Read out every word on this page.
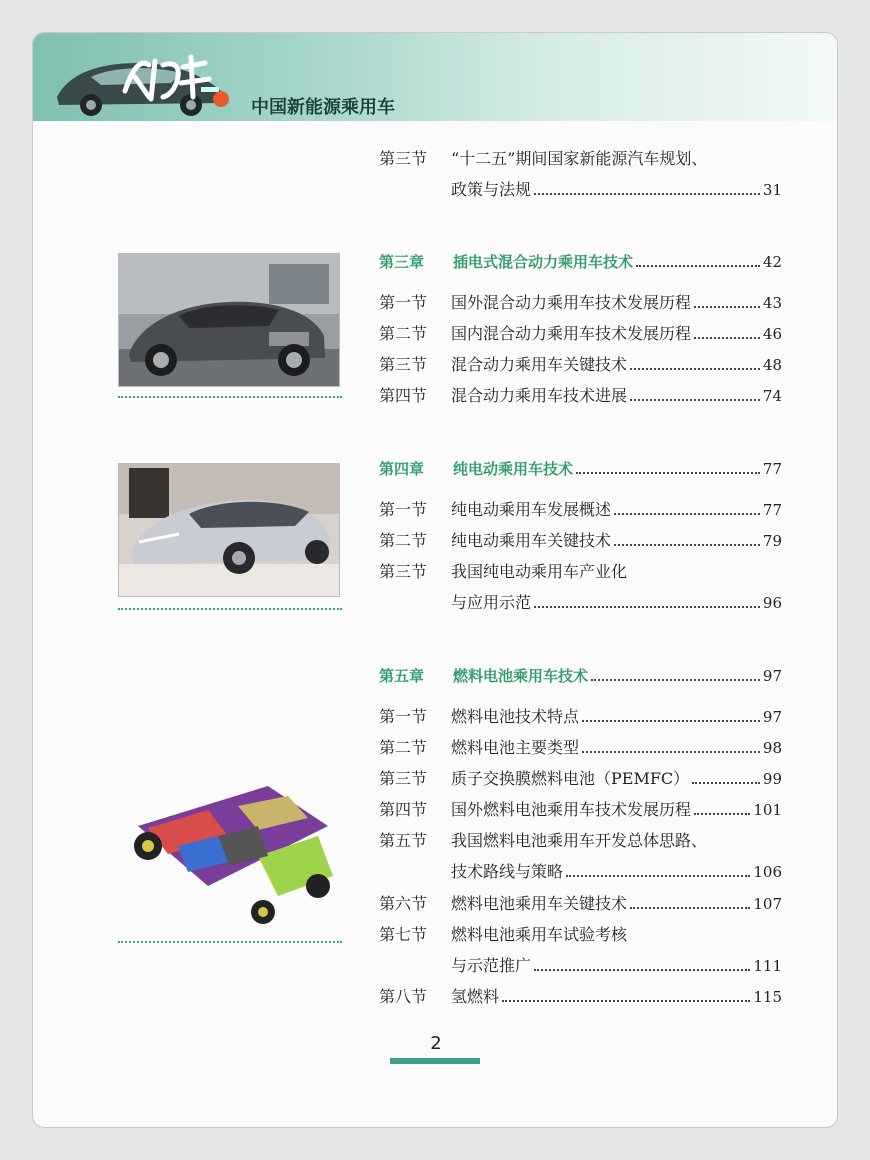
中国新能源乘用车
第三节	“十二五”期间国家新能源汽车规划、
政策与法规	31
第三章	插电式混合动力乘用车技术	42
第一节	国外混合动力乘用车技术发展历程	43
第二节	国内混合动力乘用车技术发展历程	46
第三节	混合动力乘用车关键技术	48
第四节	混合动力乘用车技术进展	74
第四章	纯电动乘用车技术	77
第一节	纯电动乘用车发展概述	77
第二节	纯电动乘用车关键技术	79
第三节	我国纯电动乘用车产业化
与应用示范	96
第五章	燃料电池乘用车技术	97
第一节	燃料电池技术特点	97
第二节	燃料电池主要类型	98
第三节	质子交换膜燃料电池（PEMFC）	99
第四节	国外燃料电池乘用车技术发展历程	101
第五节	我国燃料电池乘用车开发总体思路、
技术路线与策略	106
第六节	燃料电池乘用车关键技术	107
第七节	燃料电池乘用车试验考核
与示范推广	111
第八节	氢燃料	115
2
